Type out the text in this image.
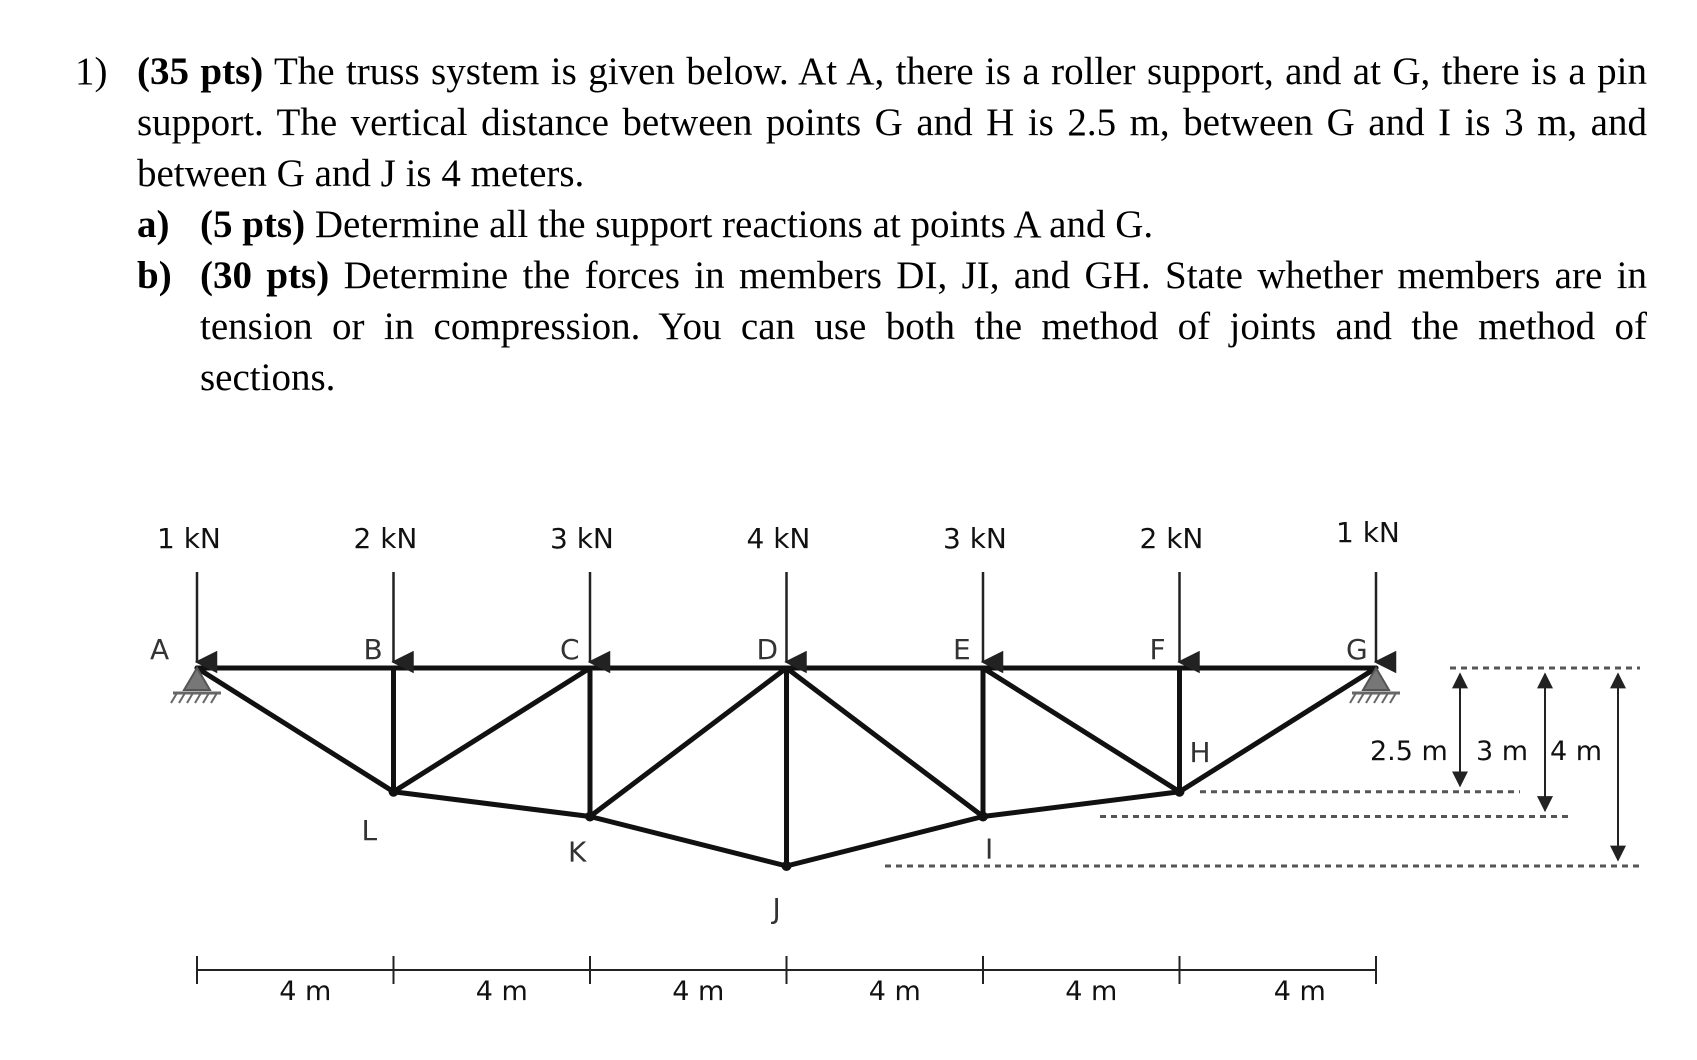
1) (35 pts) The truss system is given below. At A, there is a roller support, and at G, there is a pin support. The vertical distance between points G and H is 2.5 m, between G and I is 3 m, and between G and J is 4 meters.
a) (5 pts) Determine all the support reactions at points A and G.
b) (30 pts) Determine the forces in members DI, JI, and GH. State whether members are in tension or in compression. You can use both the method of joints and the method of sections.
1 kN	2 kN	3 kN	4 kN	3 kN	2 kN	1 kN
A	B	C	D	E	F	G
L
K
J
I
H	2.5 m 3 m 4 m
4 m	4 m	4 m	4 m	4 m	4 m
